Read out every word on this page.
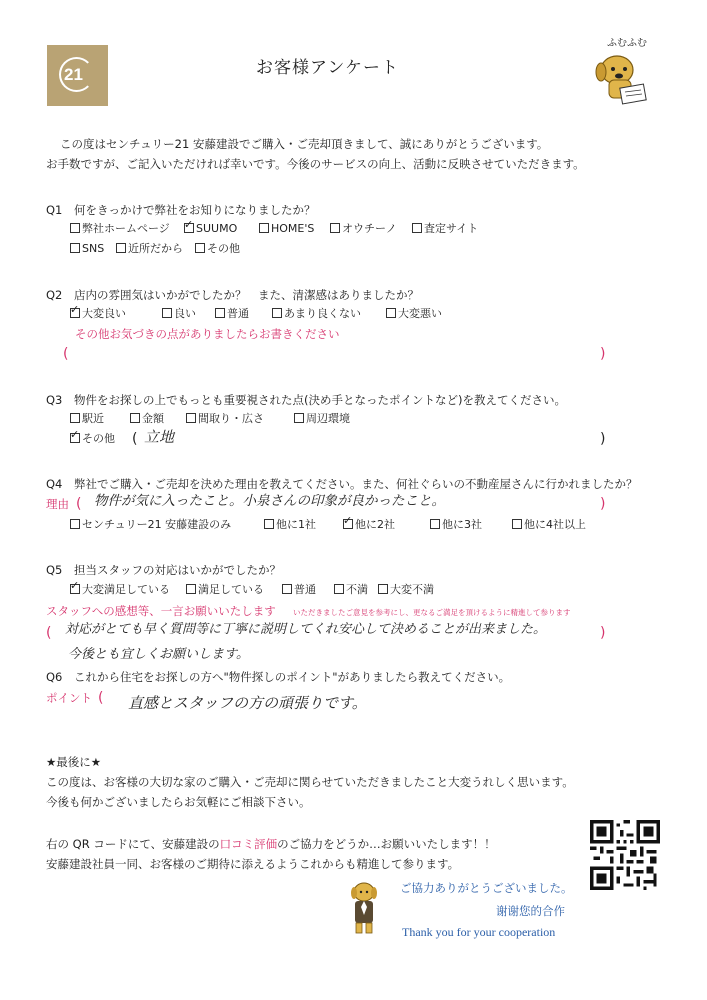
21	お客様アンケート
ふむふむ
この度はセンチュリー21 安藤建設でご購入・ご売却頂きまして、誠にありがとうございます。
お手数ですが、ご記入いただければ幸いです。今後のサービスの向上、活動に反映させていただきます。
Q1 何をきっかけで弊社をお知りになりましたか？
弊社ホームページ ✓	SUUMO	HOME'S	オウチーノ	査定サイト
SNS	近所だから	その他
Q2 店内の雰囲気はいかがでしたか？　また、清潔感はありましたか？
✓大変良い	良い	普通	あまり良くない	大変悪い
その他お気づきの点がありましたらお書きください
(	)
Q3 物件をお探しの上でもっとも重要視された点(決め手となったポイントなど)を教えてください。
駅近	金額	間取り・広さ	周辺環境
✓その他 ( 立地	)
Q4 弊社でご購入・ご売却を決めた理由を教えてください。また、何社ぐらいの不動産屋さんに行かれましたか？
理由 ( 物件が気に入ったこと。小泉さんの印象が良かったこと。	)
センチュリー21 安藤建設のみ	他に1社 ✓	他に2社	他に3社	他に4社以上
Q5 担当スタッフの対応はいかがでしたか？
✓大変満足している	満足している	普通	不満	大変不満
スタッフへの感想等、一言お願いいたします いただきましたご意見を参考にし、更なるご満足を頂けるように精進して参ります
( 対応がとても早く質問等に丁寧に説明してくれ安心して決めることが出来ました。	)
今後とも宜しくお願いします。
Q6 これから住宅をお探しの方へ"物件探しのポイント"がありましたら教えてください。
ポイント ( 直感とスタッフの方の頑張りです。
★最後に★
この度は、お客様の大切な家のご購入・ご売却に関らせていただきましたこと大変うれしく思います。
今後も何かございましたらお気軽にご相談下さい。
右の QR コードにて、安藤建設の口コミ評価のご協力をどうか…お願いいたします！！
安藤建設社員一同、お客様のご期待に添えるようこれからも精進して参ります。
ご協力ありがとうございました。
谢谢您的合作
Thank you for your cooperation
